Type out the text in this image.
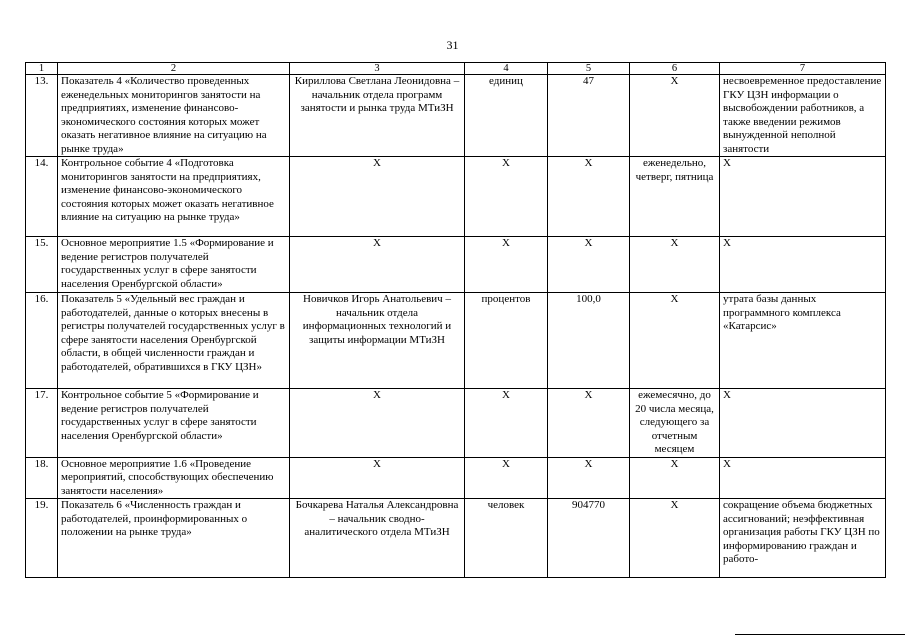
31
1	2	3	4	5	6	7
13.	Показатель 4 «Количество проведенных еженедельных мониторингов занятости на предприятиях, изменение финансово-экономического состояния которых может оказать негативное влияние на ситуацию на рынке труда»	Кириллова Светлана Леонидовна – начальник отдела программ занятости и рынка труда МТиЗН	единиц	47	X	несвоевременное предоставление ГКУ ЦЗН информации о высвобождении работников, а также введении режимов вынужденной неполной занятости
14.	Контрольное событие 4 «Подготовка мониторингов занятости на предприятиях, изменение финансово-экономического состояния которых может оказать негативное влияние на ситуацию на рынке труда»	X	X	X	еженедельно, четверг, пятница	X
15.	Основное мероприятие 1.5 «Формирование и ведение регистров получателей государственных услуг в сфере занятости населения Оренбургской области»	X	X	X	X	X
16.	Показатель 5 «Удельный вес граждан и работодателей, данные о которых внесены в регистры получателей государственных услуг в сфере занятости населения Оренбургской области, в общей численности граждан и работодателей, обратившихся в ГКУ ЦЗН»	Новичков Игорь Анатольевич – начальник отдела информационных технологий и защиты информации МТиЗН	процентов	100,0	X	утрата базы данных программного комплекса «Катарсис»
17.	Контрольное событие 5 «Формирование и ведение регистров получателей государственных услуг в сфере занятости населения Оренбургской области»	X	X	X	ежемесячно, до 20 числа месяца, следующего за отчетным месяцем	X
18.	Основное мероприятие 1.6 «Проведение мероприятий, способствующих обеспечению занятости населения»	X	X	X	X	X
19.	Показатель 6 «Численность граждан и работодателей, проинформированных о положении на рынке труда»	Бочкарева Наталья Александровна – начальник сводно-аналитического отдела МТиЗН	человек	904770	X	сокращение объема бюджетных ассигнований; неэффективная организация работы ГКУ ЦЗН по информированию граждан и работо-
